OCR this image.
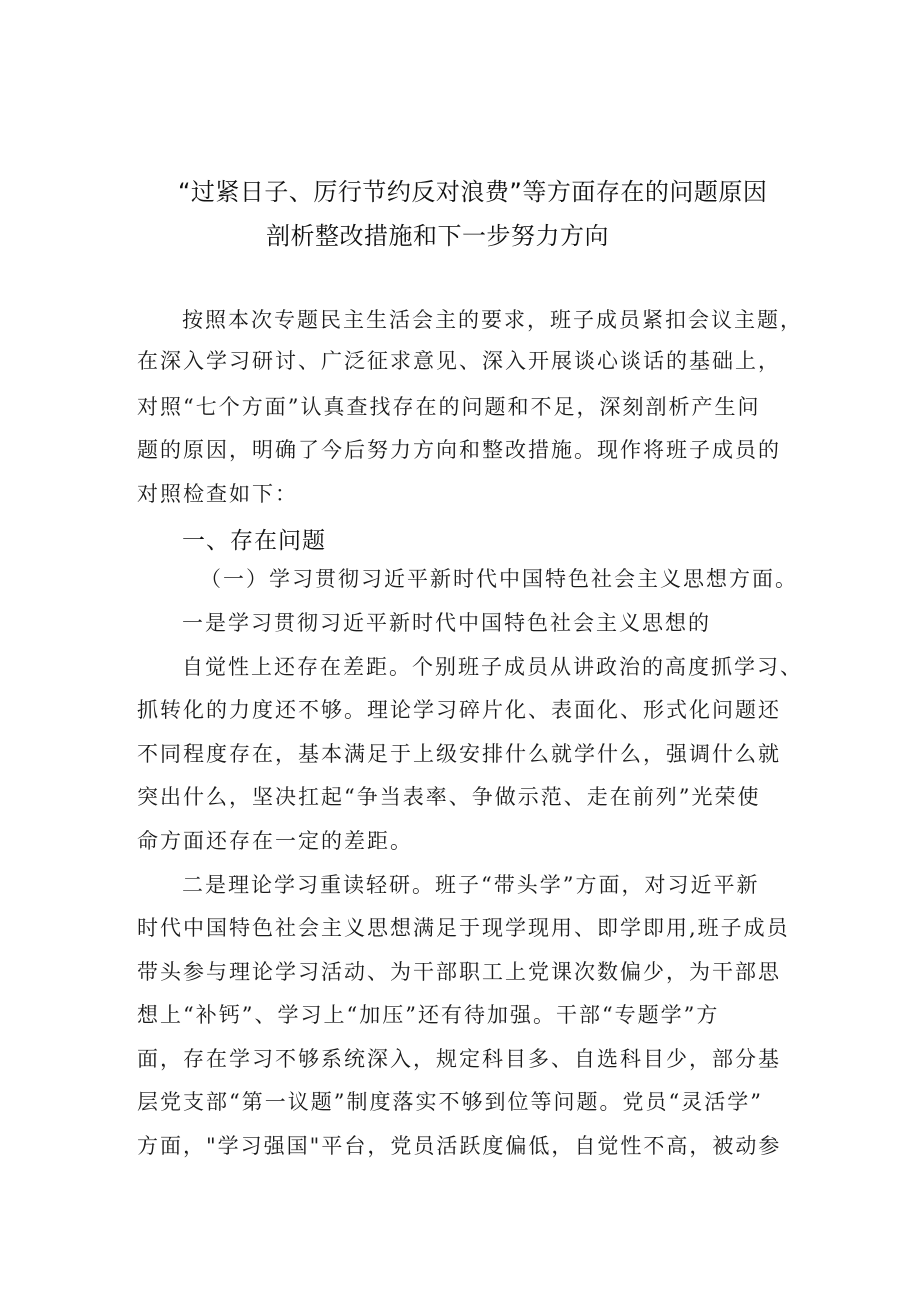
“过紧日子、厉行节约反对浪费”等方面存在的问题原因
剖析整改措施和下一步努力方向
按照本次专题民主生活会主的要求，班子成员紧扣会议主题，
在深入学习研讨、广泛征求意见、深入开展谈心谈话的基础上，
对照“七个方面”认真查找存在的问题和不足，深刻剖析产生问
题的原因，明确了今后努力方向和整改措施。现作将班子成员的
对照检查如下：
一、存在问题
（一）学习贯彻习近平新时代中国特色社会主义思想方面。
一是学习贯彻习近平新时代中国特色社会主义思想的
自觉性上还存在差距。个别班子成员从讲政治的高度抓学习、
抓转化的力度还不够。理论学习碎片化、表面化、形式化问题还
不同程度存在，基本满足于上级安排什么就学什么，强调什么就
突出什么，坚决扛起“争当表率、争做示范、走在前列”光荣使
命方面还存在一定的差距。
二是理论学习重读轻研。班子“带头学”方面，对习近平新
时代中国特色社会主义思想满足于现学现用、即学即用,班子成员
带头参与理论学习活动、为干部职工上党课次数偏少，为干部思
想上“补钙”、学习上“加压”还有待加强。干部“专题学”方
面，存在学习不够系统深入，规定科目多、自选科目少，部分基
层党支部“第一议题”制度落实不够到位等问题。党员“灵活学”
方面，"学习强国"平台，党员活跃度偏低，自觉性不高，被动参
